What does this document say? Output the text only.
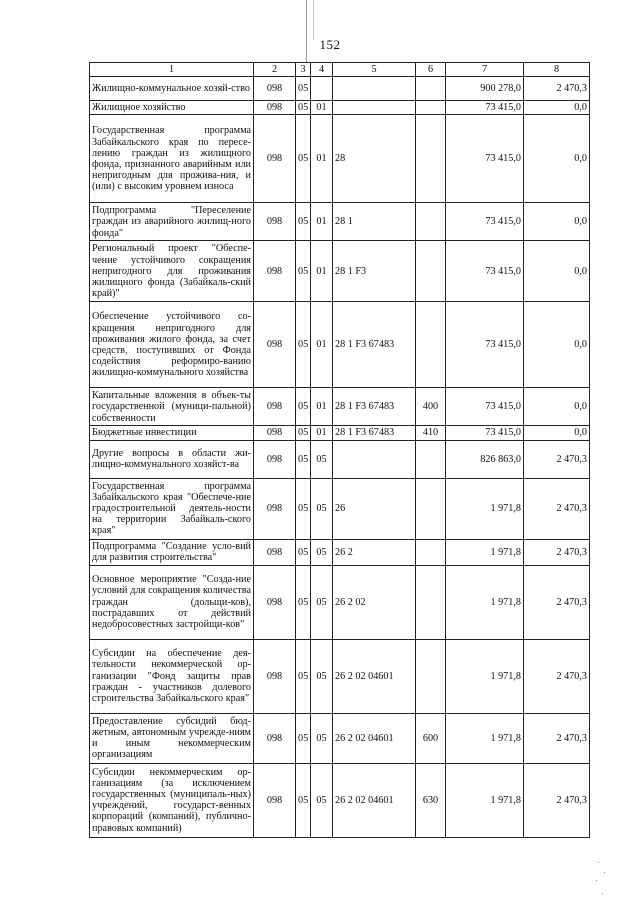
152
1	2	3	4	5	6	7	8
Жилищно-коммунальное хозяй-ство	098	05				900 278,0	2 470,3
Жилищное хозяйство	098	05	01			73 415,0	0,0
Государственная программа Забайкальского края по пересе-лению граждан из жилищного фонда, признанного аварийным или непригодным для прожива-ния, и (или) с высоким уровнем износа	098	05	01	28		73 415,0	0,0
Подпрограмма "Переселение граждан из аварийного жилищ-ного фонда"	098	05	01	28 1		73 415,0	0,0
Региональный проект "Обеспе-чение устойчивого сокращения непригодного для проживания жилищного фонда (Забайкаль-ский край)"	098	05	01	28 1 F3		73 415,0	0,0
Обеспечение устойчивого со-кращения непригодного для проживания жилого фонда, за счет средств, поступивших от Фонда содействия реформиро-ванию жилищно-коммунального хозяйства	098	05	01	28 1 F3 67483		73 415,0	0,0
Капитальные вложения в объек-ты государственной (муници-пальной) собственности	098	05	01	28 1 F3 67483	400	73 415,0	0,0
Бюджетные инвестиции	098	05	01	28 1 F3 67483	410	73 415,0	0,0
Другие вопросы в области жи-лищно-коммунального хозяйст-ва	098	05	05			826 863,0	2 470,3
Государственная программа Забайкальского края "Обеспече-ние градостроительной деятель-ности на территории Забайкаль-ского края"	098	05	05	26		1 971,8	2 470,3
Подпрограмма "Создание усло-вий для развития строительства"	098	05	05	26 2		1 971,8	2 470,3
Основное мероприятие "Созда-ние условий для сокращения количества граждан (дольщи-ков), пострадавших от действий недобросовестных застройщи-ков"	098	05	05	26 2 02		1 971,8	2 470,3
Субсидии на обеспечение дея-тельности некоммерческой ор-ганизации "Фонд защиты прав граждан - участников долевого строительства Забайкальского края"	098	05	05	26 2 02 04601		1 971,8	2 470,3
Предоставление субсидий бюд-жетным, автономным учрежде-ниям и иным некоммерческим организациям	098	05	05	26 2 02 04601	600	1 971,8	2 470,3
Субсидии некоммерческим ор-ганизациям (за исключением государственных (муниципаль-ных) учреждений, государст-венных корпораций (компаний), публично-правовых компаний)	098	05	05	26 2 02 04601	630	1 971,8	2 470,3
